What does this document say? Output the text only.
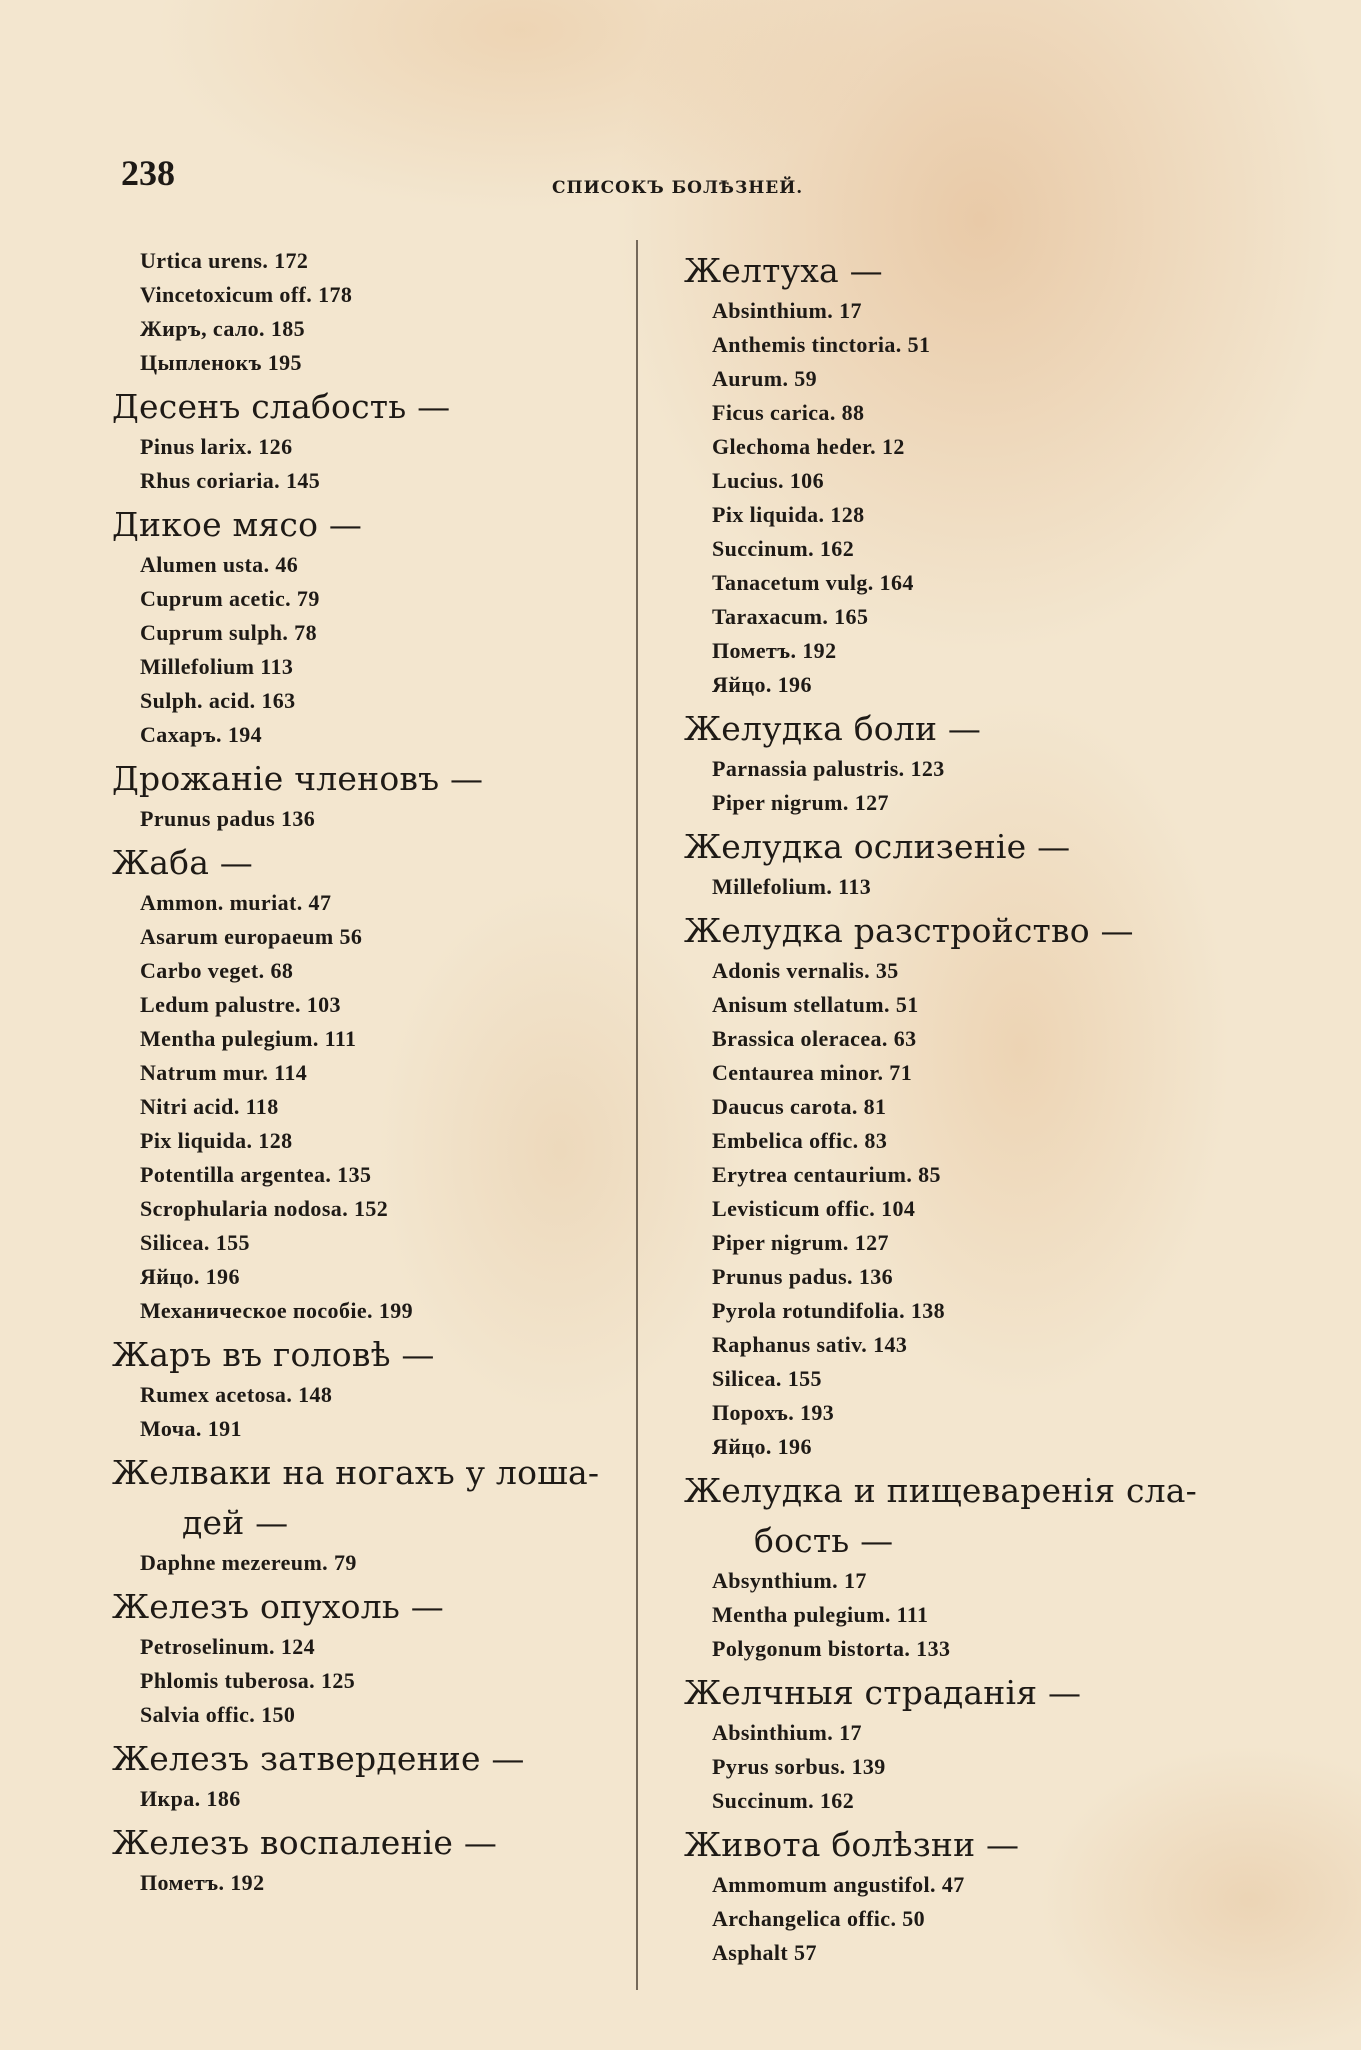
238	СПИСОКЪ БОЛѢЗНЕЙ.
Urtica urens. 172
Vincetoxicum off. 178
Жиръ, сало. 185
Цыпленокъ 195
Десенъ слабость —
Pinus larix. 126
Rhus coriaria. 145
Дикое мясо —
Alumen usta. 46
Cuprum acetic. 79
Cuprum sulph. 78
Millefolium 113
Sulph. acid. 163
Сахаръ. 194
Дрожанiе членовъ —
Prunus padus 136
Жаба —
Ammon. muriat. 47
Asarum europaeum 56
Carbo veget. 68
Ledum palustre. 103
Mentha pulegium. 111
Natrum mur. 114
Nitri acid. 118
Pix liquida. 128
Potentilla argentea. 135
Scrophularia nodosa. 152
Silicea. 155
Яйцо. 196
Механическое пособiе. 199
Жаръ въ головѣ —
Rumex acetosa. 148
Моча. 191
Желваки на ногахъ у лоша-
дей —
Daphne mezereum. 79
Железъ опухоль —
Petroselinum. 124
Phlomis tuberosa. 125
Salvia offic. 150
Железъ затвердениe —
Икра. 186
Железъ воспаленiе —
Пометъ. 192
Желтуха —
Absinthium. 17
Anthemis tinctoria. 51
Aurum. 59
Ficus carica. 88
Glechoma heder. 12
Lucius. 106
Pix liquida. 128
Succinum. 162
Tanacetum vulg. 164
Taraxacum. 165
Пометъ. 192
Яйцо. 196
Желудка боли —
Parnassia palustris. 123
Piper nigrum. 127
Желудка ослизенiе —
Millefolium. 113
Желудка разстройство —
Adonis vernalis. 35
Anisum stellatum. 51
Brassica oleracea. 63
Centaurea minor. 71
Daucus carota. 81
Embelica offic. 83
Erytrea centaurium. 85
Levisticum offic. 104
Piper nigrum. 127
Prunus padus. 136
Pyrola rotundifolia. 138
Raphanus sativ. 143
Silicea. 155
Порохъ. 193
Яйцо. 196
Желудка и пищеваренiя сла-
бость —
Absynthium. 17
Mentha pulegium. 111
Polygonum bistorta. 133
Желчныя страданiя —
Absinthium. 17
Pyrus sorbus. 139
Succinum. 162
Живота болѣзни —
Ammomum angustifol. 47
Archangelica offic. 50
Asphalt 57
